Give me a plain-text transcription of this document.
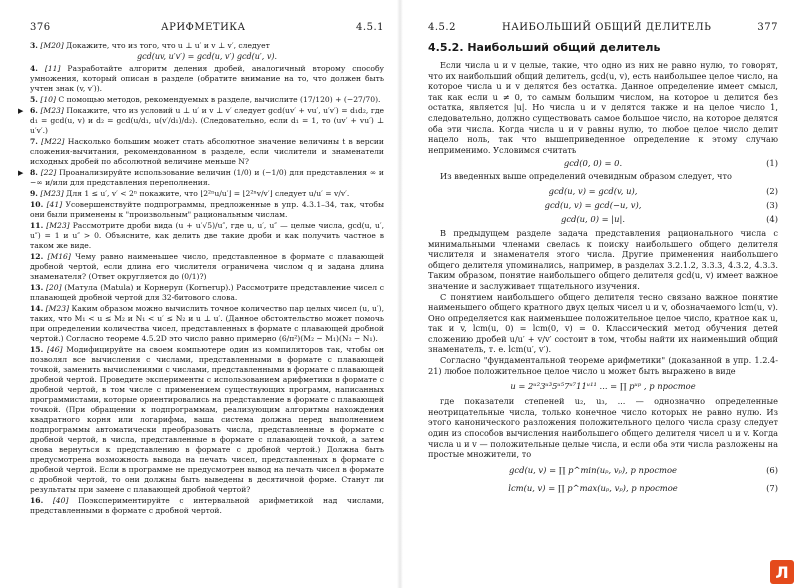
376	АРИФМЕТИКА	4.5.1

3. [M20] Докажите, что из того, что u ⊥ u′ и v ⊥ v′, следует

gcd(uv, u′v′) = gcd(u, v′) gcd(u′, v).

4. [11] Разработайте алгоритм деления дробей, аналогичный второму способу умножения, который описан в разделе (обратите внимание на то, что должен быть учтен знак (v, v′)).

5. [10] С помощью методов, рекомендуемых в разделе, вычислите (17/120) + (−27/70).

▶ 6. [M23] Покажите, что из условий u ⊥ u′ и v ⊥ v′ следует gcd(uv′ + vu′, u′v′) = d₁d₂, где d₁ = gcd(u, v) и d₂ = gcd(u/d₁, u(v′/d₁)/d₂). (Следовательно, если d₁ = 1, то (uv′ + vu′) ⊥ u′v′.)

7. [M22] Насколько большим может стать абсолютное значение величины t в версии сложения-вычитания, рекомендованном в разделе, если числители и знаменатели исходных дробей по абсолютной величине меньше N?

▶ 8. [22] Проанализируйте использование величин (1/0) и (−1/0) для представления ∞ и −∞ и/или для представления переполнения.

9. [M23] Для 1 ≤ u′, v′ < 2ⁿ покажите, что ⌊2²ⁿu/u′⌋ = ⌊2²ⁿv/v′⌋ следует u/u′ = v/v′.

10. [41] Усовершенствуйте подпрограммы, предложенные в упр. 4.3.1–34, так, чтобы они были применены к "произвольным" рациональным числам.

11. [M23] Рассмотрите дроби вида (u + u′√5)/u″, где u, u′, u″ — целые числа, gcd(u, u′, u″) = 1 и u″ > 0. Объясните, как делить две такие дроби и как получить частное в таком же виде.

12. [M16] Чему равно наименьшее число, представленное в формате с плавающей дробной чертой, если длина его числителя ограничена числом q и задана длина знаменателя? (Ответ округляется до (0/1)?)

13. [20] (Матула (Matula) и Корнеруп (Kornerup).) Рассмотрите представление чисел с плавающей дробной чертой для 32-битового слова.

14. [M23] Каким образом можно вычислить точное количество пар целых чисел (u, u′), таких, что M₁ < u ≤ M₂ и N₁ < u′ ≤ N₂ и u ⊥ u′. (Данное обстоятельство может помочь при определении количества чисел, представленных в формате с плавающей дробной чертой.) Согласно теореме 4.5.2D это число равно примерно (6/π²)(M₂ − M₁)(N₂ − N₁).

15. [46] Модифицируйте на своем компьютере один из компиляторов так, чтобы он позволял все вычисления с числами, представленными в формате с плавающей точкой, заменить вычислениями с числами, представленными в формате с плавающей дробной чертой. Проведите эксперименты с использованием арифметики в формате с дробной чертой, в том числе с применением существующих программ, написанных программистами, которые ориентировались на представление в формате с плавающей точкой. (При обращении к подпрограммам, реализующим алгоритмы нахождения квадратного корня или логарифма, ваша система должна перед выполнением подпрограммы автоматически преобразовать числа, представленные в формате с дробной чертой, в числа, представленные в формате с плавающей точкой, а затем снова вернуться к представлению в формате с дробной чертой.) Должна быть предусмотрена возможность вывода на печать чисел, представленных в формате с дробной чертой. Если в программе не предусмотрен вывод на печать чисел в формате с дробной чертой, то они должны быть выведены в десятичной форме. Станут ли результаты при замене с плавающей дробной чертой?

16. [40] Поэкспериментируйте с интервальной арифметикой над числами, представленными в формате с дробной чертой.

4.5.2	НАИБОЛЬШИЙ ОБЩИЙ ДЕЛИТЕЛЬ	377
4.5.2. Наибольший общий делитель

Если числа u и v целые, такие, что одно из них не равно нулю, то говорят, что их наибольший общий делитель, gcd(u, v), есть наибольшее целое число, на которое числа u и v делятся без остатка. Данное определение имеет смысл, так как если u ≠ 0, то самым большим числом, на которое u делится без остатка, является |u|. Но числа u и v делятся также и на целое число 1, следовательно, должно существовать самое большое число, на которое делятся оба эти числа. Когда числа u и v равны нулю, то любое целое число делит нацело ноль, так что вышеприведенное определение к этому случаю неприменимо. Условимся считать

gcd(0, 0) = 0.	(1)

Из введенных выше определений очевидным образом следует, что

gcd(u, v) = gcd(v, u),	(2)
gcd(u, v) = gcd(−u, v),	(3)
gcd(u, 0) = |u|.	(4)

В предыдущем разделе задача представления рационального числа с минимальными членами свелась к поиску наибольшего общего делителя числителя и знаменателя этого числа. Другие применения наибольшего общего делителя упоминались, например, в разделах 3.2.1.2, 3.3.3, 4.3.2, 4.3.3. Таким образом, понятие наибольшего общего делителя gcd(u, v) имеет важное значение и заслуживает тщательного изучения.

С понятием наибольшего общего делителя тесно связано важное понятие наименьшего общего кратного двух целых чисел u и v, обозначаемого lcm(u, v). Оно определяется как наименьшее положительное целое число, кратное как u, так и v, lcm(u, 0) = lcm(0, v) = 0. Классический метод обучения детей сложению дробей u/u′ + v/v′ состоит в том, чтобы найти их наименьший общий знаменатель, т. е. lcm(u′, v′).

Согласно "фундаментальной теореме арифметики" (доказанной в упр. 1.2.4-21) любое положительное целое число u может быть выражено в виде

u = 2ᵘ²3ᵘ³5ᵘ⁵7ᵘ⁷11ᵘ¹¹ ... = ∏ pᵘᵖ , p простое

где показатели степеней u₂, u₃, ... — однозначно определенные неотрицательные числа, только конечное число которых не равно нулю. Из этого канонического разложения положительного целого числа сразу следует один из способов вычисления наибольшего общего делителя чисел u и v. Когда числа u и v — положительные целые числа, и если оба эти числа разложены на простые множители, то

gcd(u, v) = ∏ p^min(uₚ, vₚ), p простое	(6)
lcm(u, v) = ∏ p^max(uₚ, vₚ), p простое	(7)
Л
